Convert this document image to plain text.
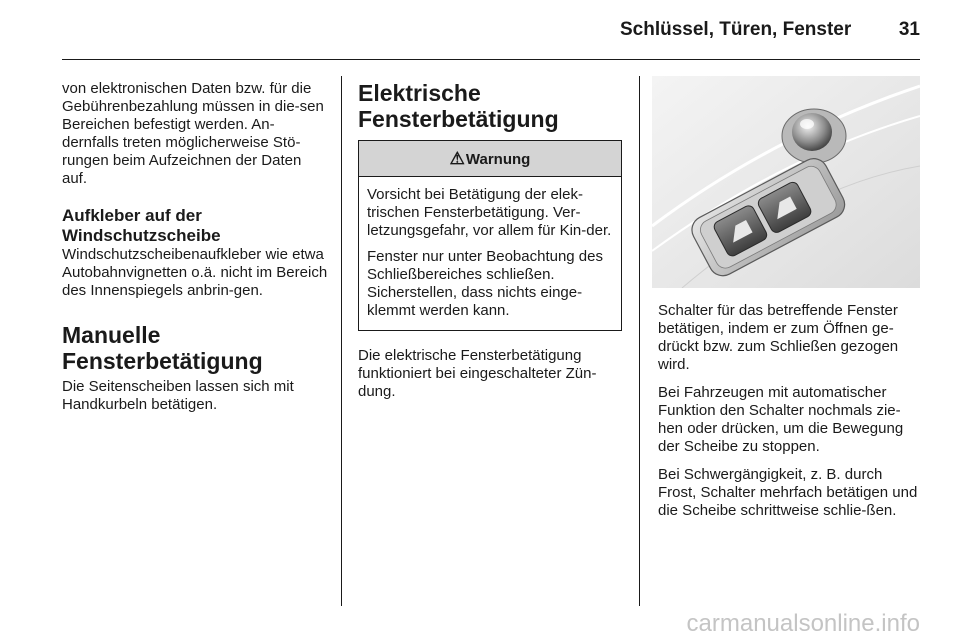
Schlüssel, Türen, Fenster	31

von elektronischen Daten bzw. für die Gebührenbezahlung müssen in die-sen Bereichen befestigt werden. An-dernfalls treten möglicherweise Stö-rungen beim Aufzeichnen der Daten auf.

Aufkleber auf der Windschutzscheibe

Windschutzscheibenaufkleber wie etwa Autobahnvignetten o.ä. nicht im Bereich des Innenspiegels anbrin-gen.

Manuelle Fensterbetätigung

Die Seitenscheiben lassen sich mit Handkurbeln betätigen.

Elektrische Fensterbetätigung
⚠Warnung

Vorsicht bei Betätigung der elek-trischen Fensterbetätigung. Ver-letzungsgefahr, vor allem für Kin-der.

Fenster nur unter Beobachtung des Schließbereiches schließen. Sicherstellen, dass nichts einge-klemmt werden kann.

Die elektrische Fensterbetätigung funktioniert bei eingeschalteter Zün-dung.

Schalter für das betreffende Fenster betätigen, indem er zum Öffnen ge-drückt bzw. zum Schließen gezogen wird.

Bei Fahrzeugen mit automatischer Funktion den Schalter nochmals zie-hen oder drücken, um die Bewegung der Scheibe zu stoppen.

Bei Schwergängigkeit, z. B. durch Frost, Schalter mehrfach betätigen und die Scheibe schrittweise schlie-ßen.

carmanualsonline.info
